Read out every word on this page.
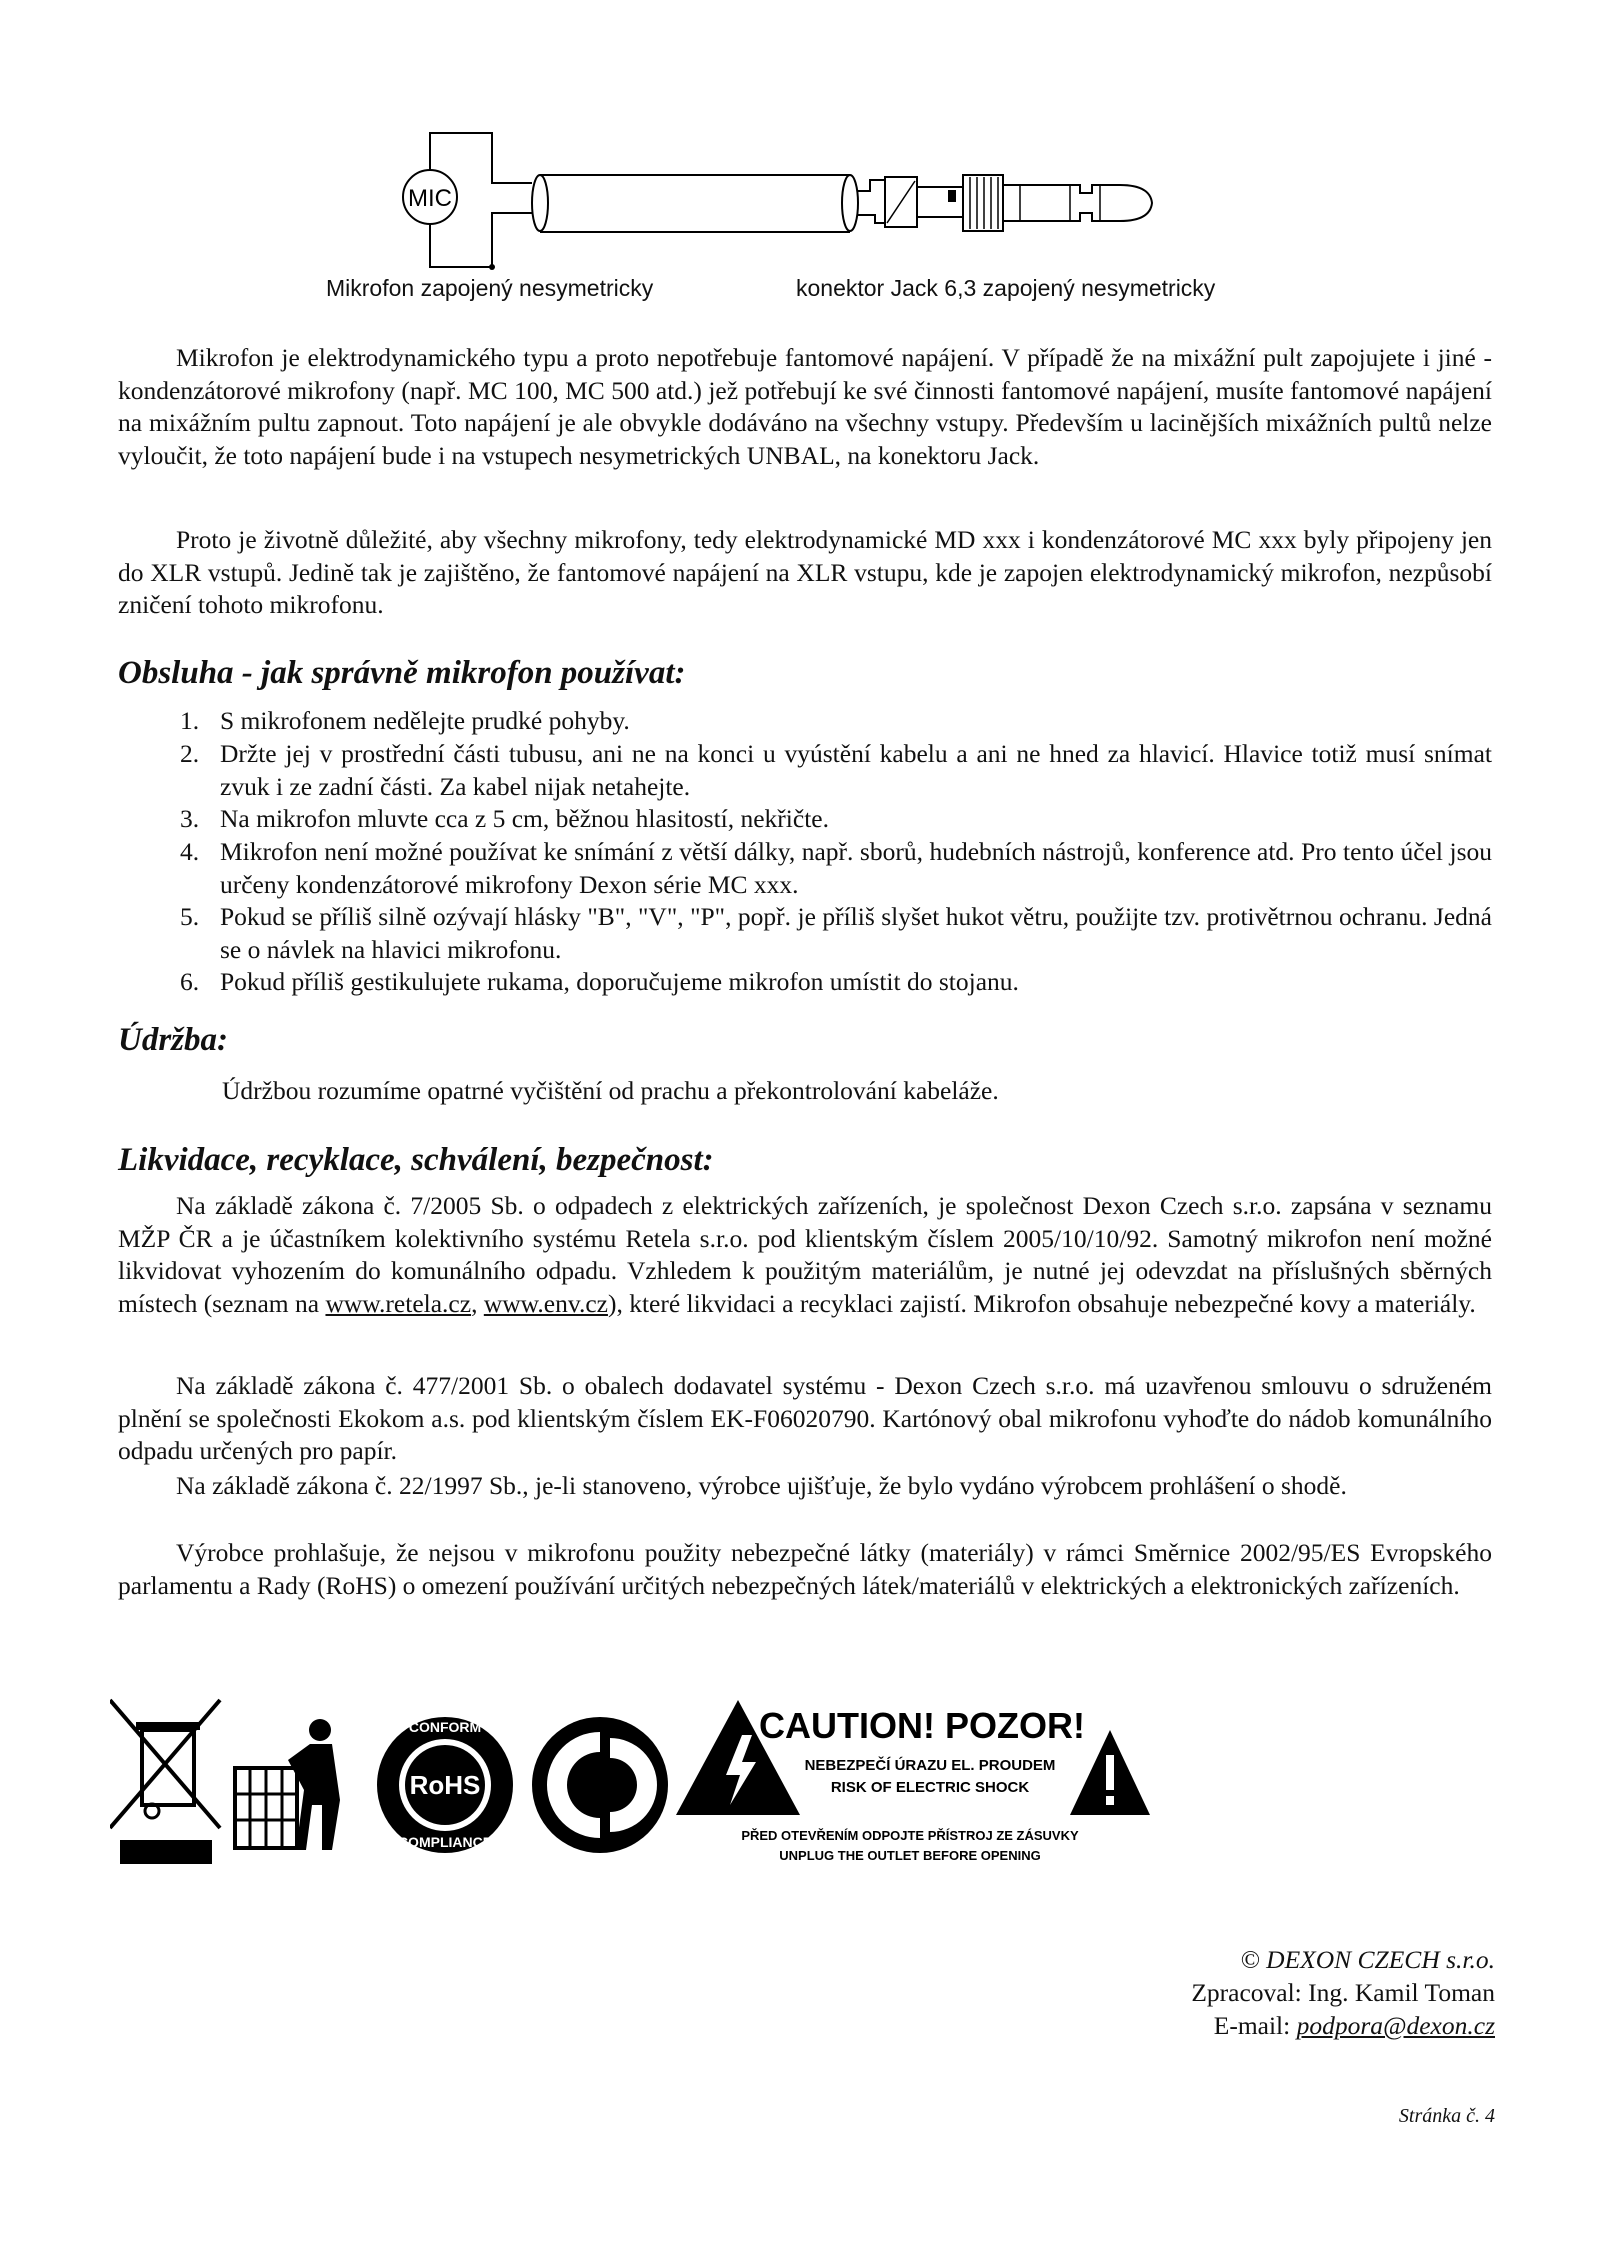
MIC
Mikrofon zapojený nesymetricky	konektor Jack 6,3 zapojený nesymetricky
Mikrofon je elektrodynamického typu a proto nepotřebuje fantomové napájení. V případě že na mixážní pult zapojujete i jiné - kondenzátorové mikrofony (např. MC 100, MC 500 atd.) jež potřebují ke své činnosti fantomové napájení, musíte fantomové napájení na mixážním pultu zapnout. Toto napájení je ale obvykle dodáváno na všechny vstupy. Především u lacinějších mixážních pultů nelze vyloučit, že toto napájení bude i na vstupech nesymetrických UNBAL, na konektoru Jack.
Proto je životně důležité, aby všechny mikrofony, tedy elektrodynamické MD xxx i kondenzátorové MC xxx byly připojeny jen do XLR vstupů. Jedině tak je zajištěno, že fantomové napájení na XLR vstupu, kde je zapojen elektrodynamický mikrofon, nezpůsobí zničení tohoto mikrofonu.
Obsluha - jak správně mikrofon používat:
1. S mikrofonem nedělejte prudké pohyby.
2. Držte jej v prostřední části tubusu, ani ne na konci u vyústění kabelu a ani ne hned za hlavicí. Hlavice totiž musí snímat zvuk i ze zadní části. Za kabel nijak netahejte.
3. Na mikrofon mluvte cca z 5 cm, běžnou hlasitostí, nekřičte.
4. Mikrofon není možné používat ke snímání z větší dálky, např. sborů, hudebních nástrojů, konference atd. Pro tento účel jsou určeny kondenzátorové mikrofony Dexon série MC xxx.
5. Pokud se příliš silně ozývají hlásky "B", "V", "P", popř. je příliš slyšet hukot větru, použijte tzv. protivětrnou ochranu. Jedná se o návlek na hlavici mikrofonu.
6. Pokud příliš gestikulujete rukama, doporučujeme mikrofon umístit do stojanu.
Údržba:
Údržbou rozumíme opatrné vyčištění od prachu a překontrolování kabeláže.
Likvidace, recyklace, schválení, bezpečnost:
Na základě zákona č. 7/2005 Sb. o odpadech z elektrických zařízeních, je společnost Dexon Czech s.r.o. zapsána v seznamu MŽP ČR a je účastníkem kolektivního systému Retela s.r.o. pod klientským číslem 2005/10/10/92. Samotný mikrofon není možné likvidovat vyhozením do komunálního odpadu. Vzhledem k použitým materiálům, je nutné jej odevzdat na příslušných sběrných místech (seznam na www.retela.cz, www.env.cz), které likvidaci a recyklaci zajistí. Mikrofon obsahuje nebezpečné kovy a materiály.
Na základě zákona č. 477/2001 Sb. o obalech dodavatel systému - Dexon Czech s.r.o. má uzavřenou smlouvu o sdruženém plnění se společnosti Ekokom a.s. pod klientským číslem EK-F06020790. Kartónový obal mikrofonu vyhoďte do nádob komunálního odpadu určených pro papír.
Na základě zákona č. 22/1997 Sb., je-li stanoveno, výrobce ujišťuje, že bylo vydáno výrobcem prohlášení o shodě.
Výrobce prohlašuje, že nejsou v mikrofonu použity nebezpečné látky (materiály) v rámci Směrnice 2002/95/ES Evropského parlamentu a Rady (RoHS) o omezení používání určitých nebezpečných látek/materiálů v elektrických a elektronických zařízeních.
CONFORM
RoHS
COMPLIANCE
CAUTION! POZOR!
NEBEZPEČÍ ÚRAZU EL. PROUDEM
RISK OF ELECTRIC SHOCK
PŘED OTEVŘENÍM ODPOJTE PŘÍSTROJ ZE ZÁSUVKY
UNPLUG THE OUTLET BEFORE OPENING
© DEXON CZECH s.r.o.
Zpracoval: Ing. Kamil Toman
E-mail: podpora@dexon.cz
Stránka č. 4
